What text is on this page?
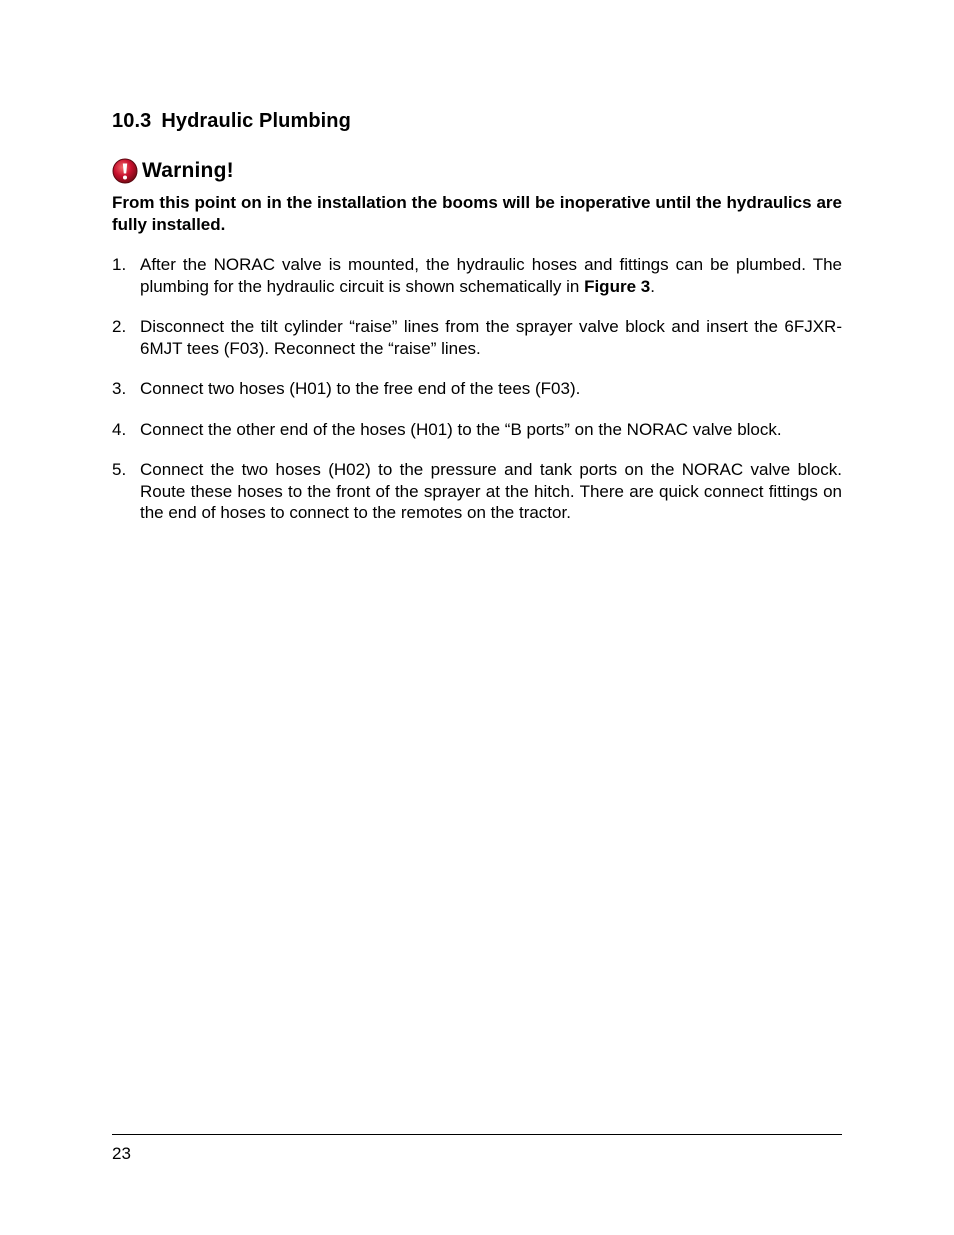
10.3 Hydraulic Plumbing
Warning!

From this point on in the installation the booms will be inoperative until the hydraulics are fully installed.

1. After the NORAC valve is mounted, the hydraulic hoses and fittings can be plumbed. The plumbing for the hydraulic circuit is shown schematically in Figure 3.
2. Disconnect the tilt cylinder “raise” lines from the sprayer valve block and insert the 6FJXR-6MJT tees (F03). Reconnect the “raise” lines.
3. Connect two hoses (H01) to the free end of the tees (F03).
4. Connect the other end of the hoses (H01) to the “B ports” on the NORAC valve block.
5. Connect the two hoses (H02) to the pressure and tank ports on the NORAC valve block. Route these hoses to the front of the sprayer at the hitch. There are quick connect fittings on the end of hoses to connect to the remotes on the tractor.
23
